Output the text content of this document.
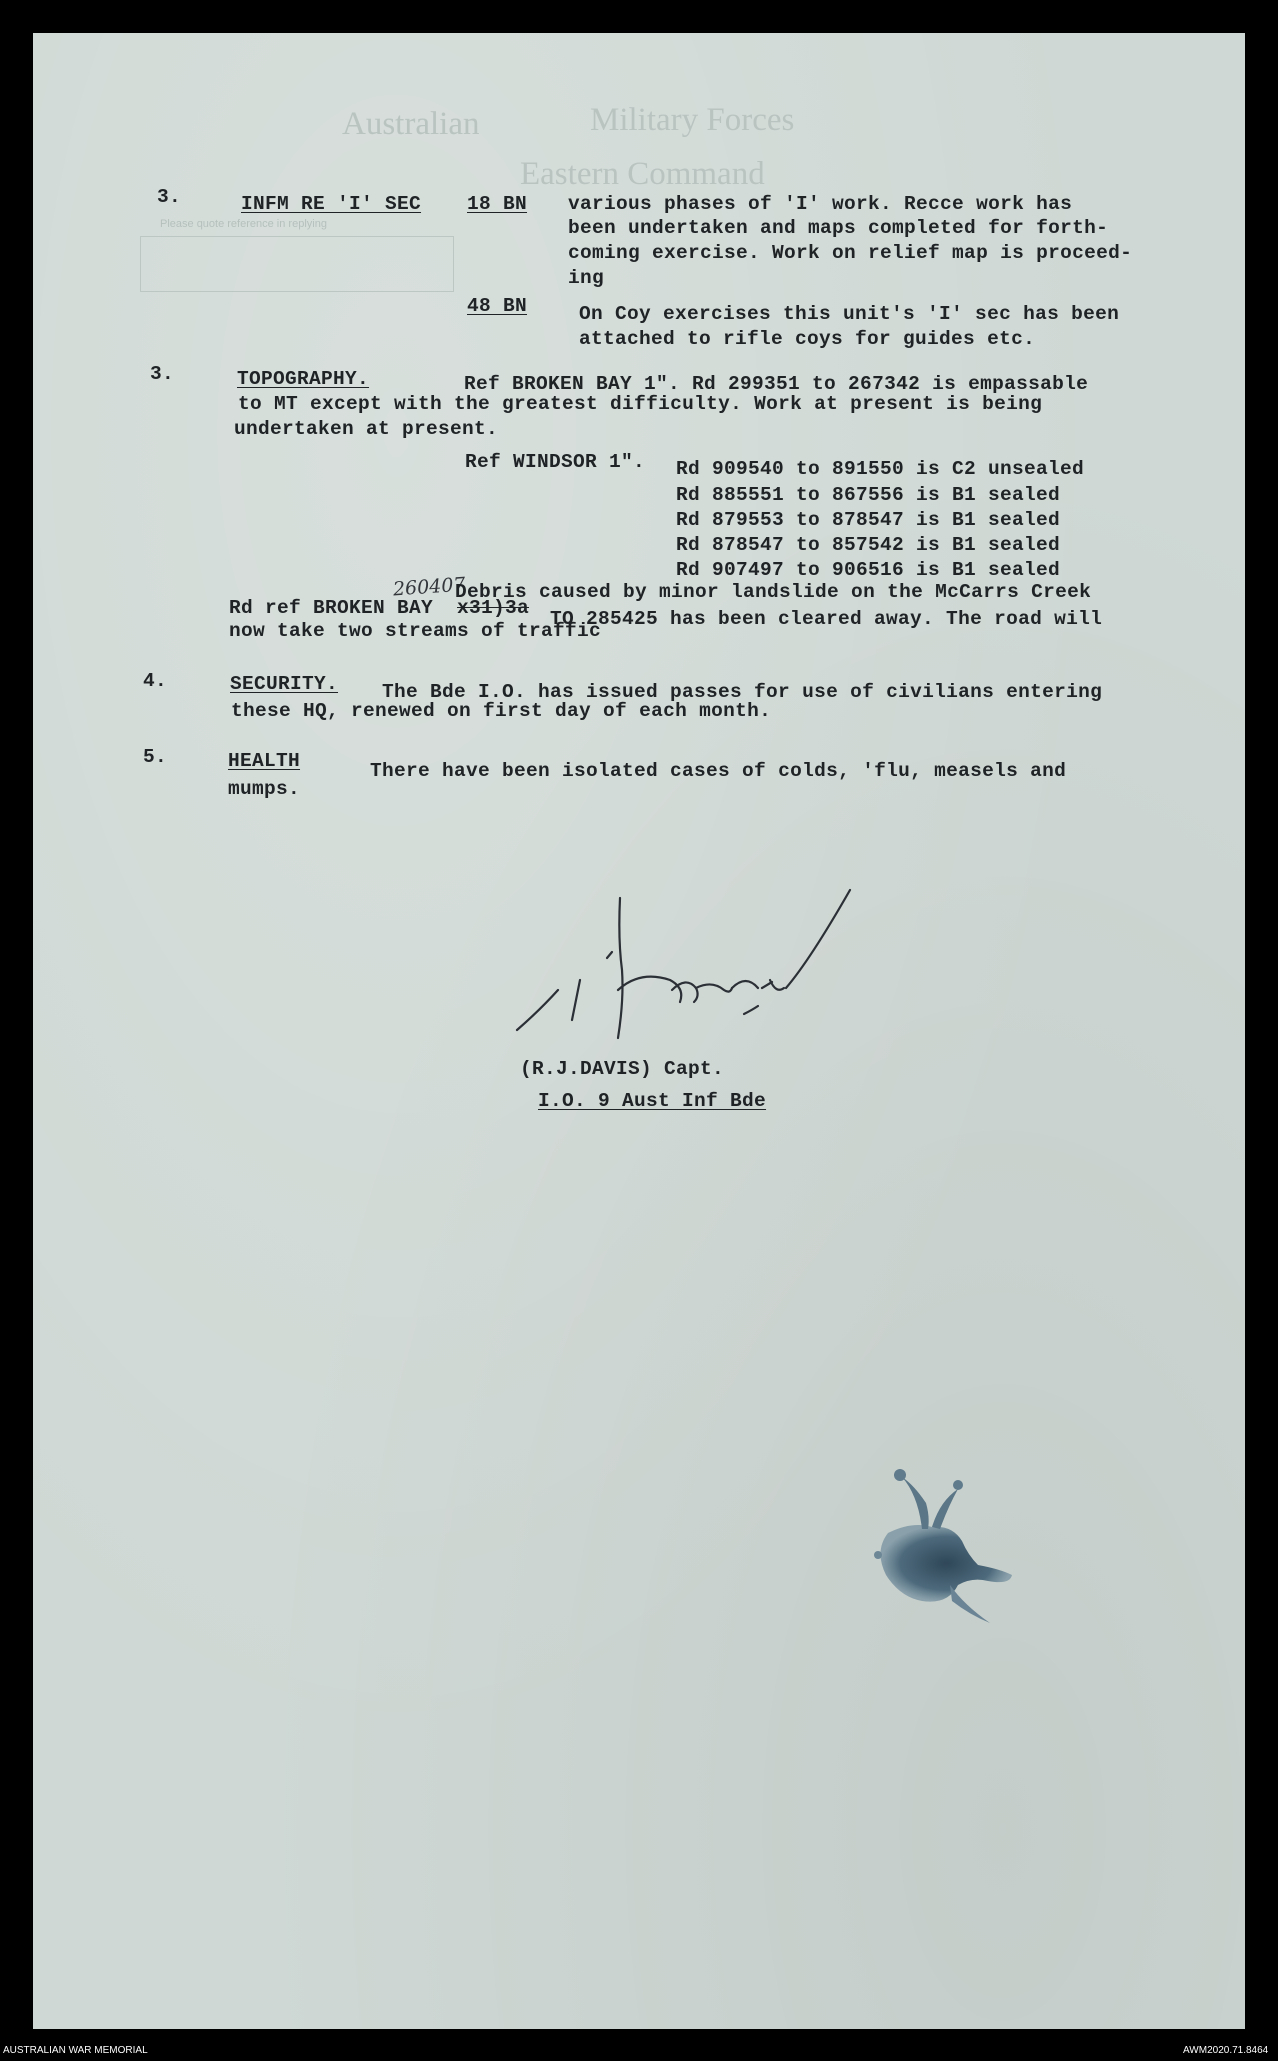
Australian	Military Forces
Eastern Command
Please quote reference in replying
3.	INFM RE 'I' SEC 18 BN various phases of 'I' work. Recce work has
been undertaken and maps completed for forth-
coming exercise. Work on relief map is proceed-
ing
48 BN	On Coy exercises this unit's 'I' sec has been
attached to rifle coys for guides etc.
3.	TOPOGRAPHY.	Ref BROKEN BAY 1". Rd 299351 to 267342 is empassable
to MT except with the greatest difficulty. Work at present is being
undertaken at present.
Ref WINDSOR 1". Rd 909540 to 891550 is C2 unsealed
Rd 885551 to 867556 is B1 sealed
Rd 879553 to 878547 is B1 sealed
Rd 878547 to 857542 is B1 sealed
Rd 907497 to 906516 is B1 sealed
260407
Debris caused by minor landslide on the McCarrs Creek
Rd ref BROKEN BAY x31)3a TO 285425 has been cleared away. The road will
now take two streams of traffic
4.	SECURITY. The Bde I.O. has issued passes for use of civilians entering
these HQ, renewed on first day of each month.
5.	HEALTH	There have been isolated cases of colds, 'flu, measels and
mumps.
(R.J.DAVIS) Capt.
I.O. 9 Aust Inf Bde
AUSTRALIAN WAR MEMORIAL	AWM2020.71.8464
